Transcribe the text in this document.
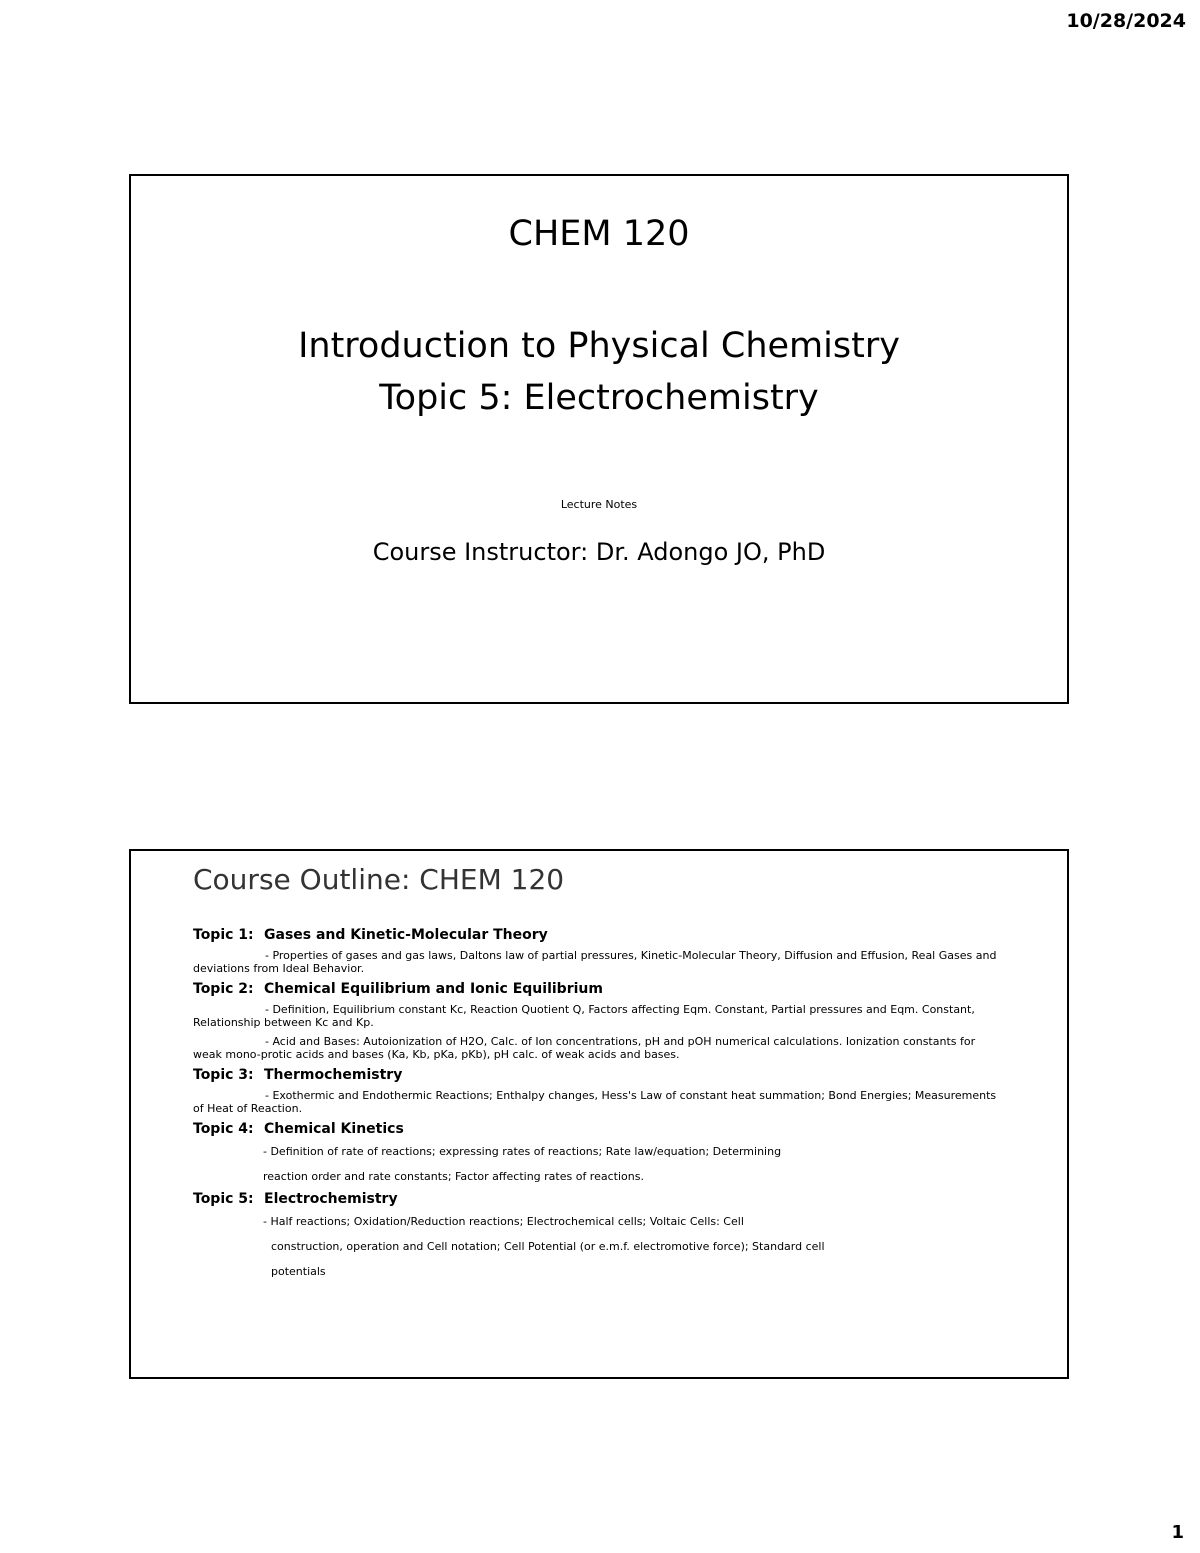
10/28/2024
CHEM 120
Introduction to Physical Chemistry
Topic 5: Electrochemistry
Lecture Notes
Course Instructor: Dr. Adongo JO, PhD
Course Outline: CHEM 120
Topic 1: Gases and Kinetic-Molecular Theory
- Properties of gases and gas laws, Daltons law of partial pressures, Kinetic-Molecular Theory, Diffusion and Effusion, Real Gases and deviations from Ideal Behavior.
Topic 2: Chemical Equilibrium and Ionic Equilibrium
- Definition, Equilibrium constant Kc, Reaction Quotient Q, Factors affecting Eqm. Constant, Partial pressures and Eqm. Constant, Relationship between Kc and Kp.
- Acid and Bases: Autoionization of H2O, Calc. of Ion concentrations, pH and pOH numerical calculations. Ionization constants for weak mono-protic acids and bases (Ka, Kb, pKa, pKb), pH calc. of weak acids and bases.
Topic 3: Thermochemistry
- Exothermic and Endothermic Reactions; Enthalpy changes, Hess's Law of constant heat summation; Bond Energies; Measurements of Heat of Reaction.
Topic 4: Chemical Kinetics
- Definition of rate of reactions; expressing rates of reactions; Rate law/equation; Determining
reaction order and rate constants; Factor affecting rates of reactions.
Topic 5: Electrochemistry
- Half reactions; Oxidation/Reduction reactions; Electrochemical cells; Voltaic Cells: Cell
construction, operation and Cell notation; Cell Potential (or e.m.f. electromotive force); Standard cell
potentials
1
